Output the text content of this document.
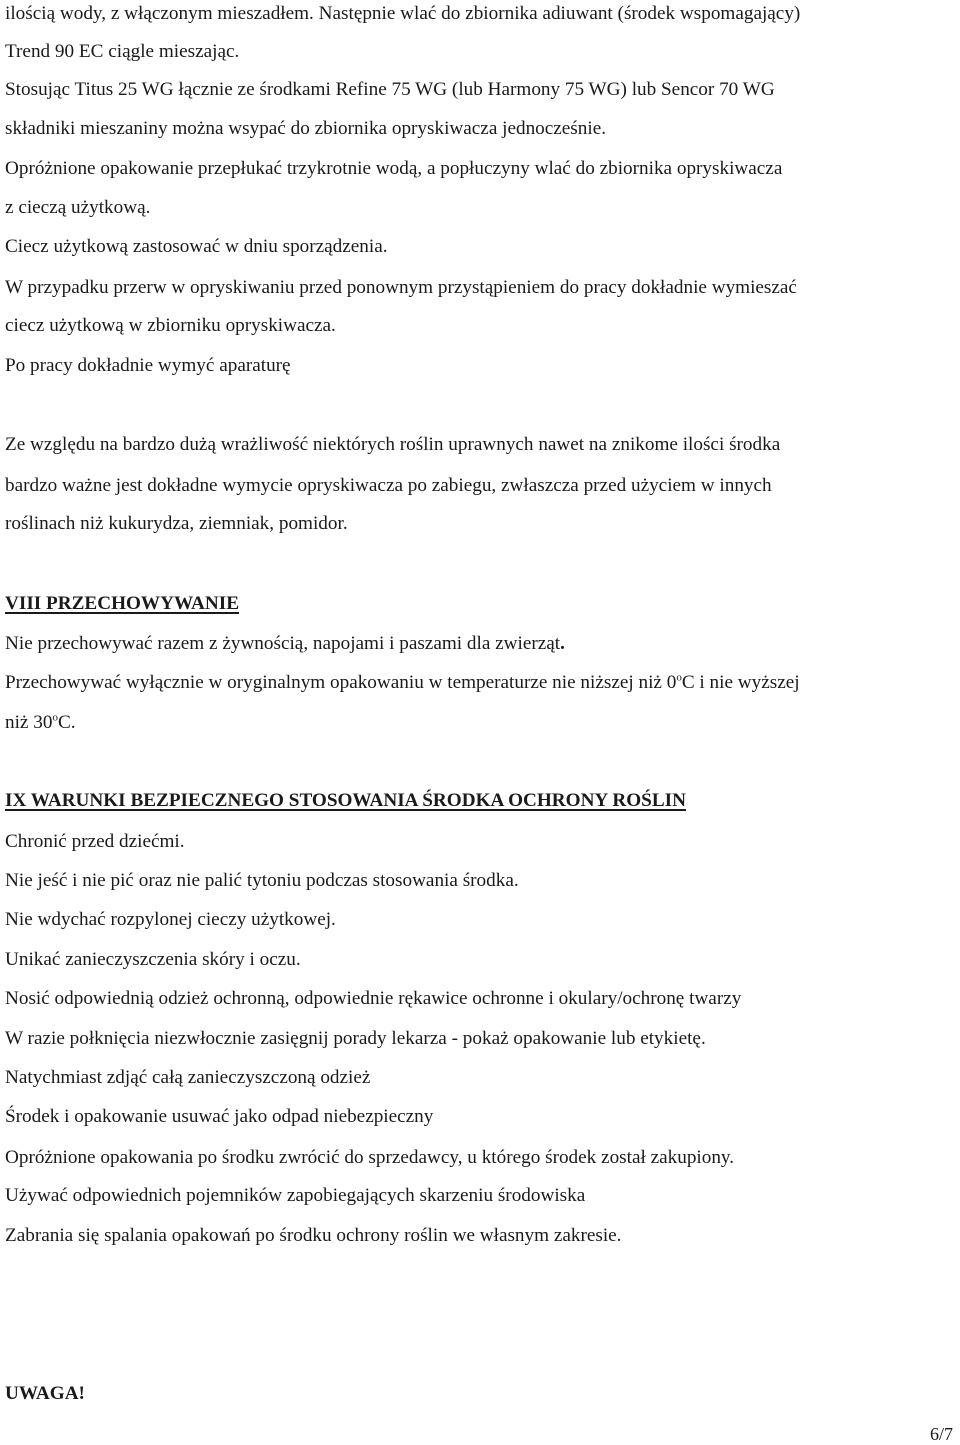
ilością wody, z włączonym mieszadłem. Następnie wlać do zbiornika adiuwant (środek wspomagający)
Trend 90 EC ciągle mieszając.
Stosując Titus 25 WG łącznie ze środkami Refine 75 WG (lub Harmony 75 WG) lub Sencor 70 WG
składniki mieszaniny można wsypać do zbiornika opryskiwacza jednocześnie.
Opróżnione opakowanie przepłukać trzykrotnie wodą, a popłuczyny wlać do zbiornika opryskiwacza
z cieczą użytkową.
Ciecz użytkową zastosować w dniu sporządzenia.
W przypadku przerw w opryskiwaniu przed ponownym przystąpieniem do pracy dokładnie wymieszać
ciecz użytkową w zbiorniku opryskiwacza.
Po pracy dokładnie wymyć aparaturę
Ze względu na bardzo dużą wrażliwość niektórych roślin uprawnych nawet na znikome ilości środka
bardzo ważne jest dokładne wymycie opryskiwacza po zabiegu, zwłaszcza przed użyciem w innych
roślinach niż kukurydza, ziemniak, pomidor.
VIII PRZECHOWYWANIE
Nie przechowywać razem z żywnością, napojami i paszami dla zwierząt.
Przechowywać wyłącznie w oryginalnym opakowaniu w temperaturze nie niższej niż 0$^o$C i nie wyższej
niż 30$^o$C.
IX WARUNKI BEZPIECZNEGO STOSOWANIA ŚRODKA OCHRONY ROŚLIN
Chronić przed dziećmi.
Nie jeść i nie pić oraz nie palić tytoniu podczas stosowania środka.
Nie wdychać rozpylonej cieczy użytkowej.
Unikać zanieczyszczenia skóry i oczu.
Nosić odpowiednią odzież ochronną, odpowiednie rękawice ochronne i okulary/ochronę twarzy
W razie połknięcia niezwłocznie zasięgnij porady lekarza - pokaż opakowanie lub etykietę.
Natychmiast zdjąć całą zanieczyszczoną odzież
Środek i opakowanie usuwać jako odpad niebezpieczny
Opróżnione opakowania po środku zwrócić do sprzedawcy, u którego środek został zakupiony.
Używać odpowiednich pojemników zapobiegających skarzeniu środowiska
Zabrania się spalania opakowań po środku ochrony roślin we własnym zakresie.
UWAGA!
6/7
